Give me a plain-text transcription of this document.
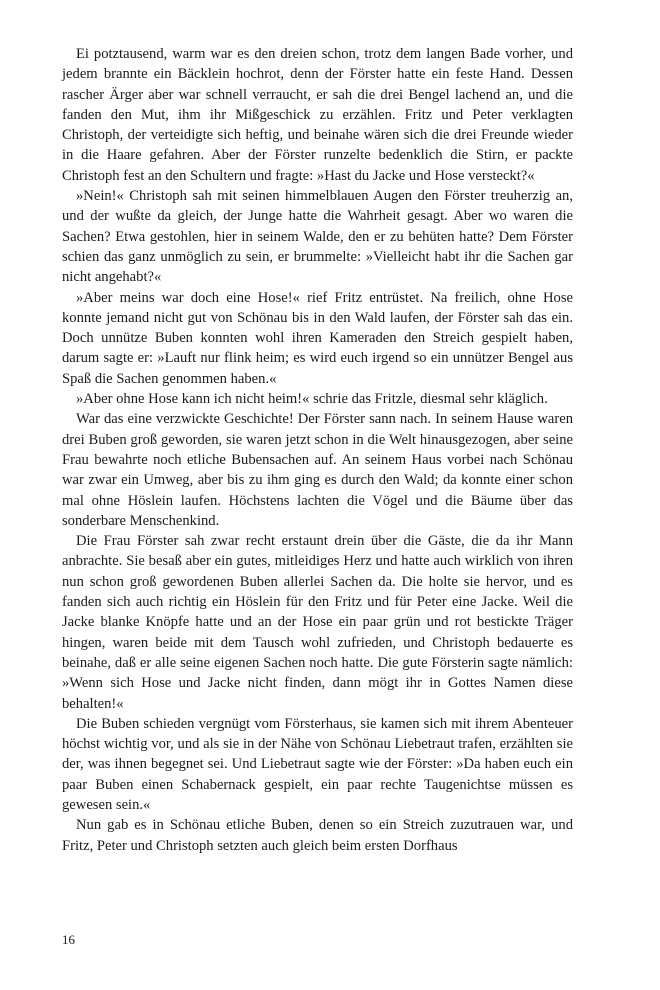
Ei potztausend, warm war es den dreien schon, trotz dem langen Bade vorher, und jedem brannte ein Bäcklein hochrot, denn der Förster hatte ein feste Hand. Dessen rascher Ärger aber war schnell verraucht, er sah die drei Bengel lachend an, und die fanden den Mut, ihm ihr Mißgeschick zu erzählen. Fritz und Peter verklagten Christoph, der verteidigte sich heftig, und beinahe wären sich die drei Freunde wieder in die Haare gefahren. Aber der Förster runzelte bedenklich die Stirn, er packte Christoph fest an den Schultern und fragte: »Hast du Jacke und Hose versteckt?«

»Nein!« Christoph sah mit seinen himmelblauen Augen den Förster treuherzig an, und der wußte da gleich, der Junge hatte die Wahrheit gesagt. Aber wo waren die Sachen? Etwa gestohlen, hier in seinem Walde, den er zu behüten hatte? Dem Förster schien das ganz unmöglich zu sein, er brummelte: »Vielleicht habt ihr die Sachen gar nicht angehabt?«

»Aber meins war doch eine Hose!« rief Fritz entrüstet. Na freilich, ohne Hose konnte jemand nicht gut von Schönau bis in den Wald laufen, der Förster sah das ein. Doch unnütze Buben konnten wohl ihren Kameraden den Streich gespielt haben, darum sagte er: »Lauft nur flink heim; es wird euch irgend so ein unnützer Bengel aus Spaß die Sachen genommen haben.«

»Aber ohne Hose kann ich nicht heim!« schrie das Fritzle, diesmal sehr kläglich.

War das eine verzwickte Geschichte! Der Förster sann nach. In seinem Hause waren drei Buben groß geworden, sie waren jetzt schon in die Welt hinausgezogen, aber seine Frau bewahrte noch etliche Bubensachen auf. An seinem Haus vorbei nach Schönau war zwar ein Umweg, aber bis zu ihm ging es durch den Wald; da konnte einer schon mal ohne Höslein laufen. Höchstens lachten die Vögel und die Bäume über das sonderbare Menschenkind.

Die Frau Förster sah zwar recht erstaunt drein über die Gäste, die da ihr Mann anbrachte. Sie besaß aber ein gutes, mitleidiges Herz und hatte auch wirklich von ihren nun schon groß gewordenen Buben allerlei Sachen da. Die holte sie hervor, und es fanden sich auch richtig ein Höslein für den Fritz und für Peter eine Jacke. Weil die Jacke blanke Knöpfe hatte und an der Hose ein paar grün und rot bestickte Träger hingen, waren beide mit dem Tausch wohl zufrieden, und Christoph bedauerte es beinahe, daß er alle seine eigenen Sachen noch hatte. Die gute Försterin sagte nämlich: »Wenn sich Hose und Jacke nicht finden, dann mögt ihr in Gottes Namen diese behalten!«

Die Buben schieden vergnügt vom Försterhaus, sie kamen sich mit ihrem Abenteuer höchst wichtig vor, und als sie in der Nähe von Schönau Liebetraut trafen, erzählten sie der, was ihnen begegnet sei. Und Liebetraut sagte wie der Förster: »Da haben euch ein paar Buben einen Schabernack gespielt, ein paar rechte Taugenichtse müssen es gewesen sein.«

Nun gab es in Schönau etliche Buben, denen so ein Streich zuzutrauen war, und Fritz, Peter und Christoph setzten auch gleich beim ersten Dorfhaus

16
